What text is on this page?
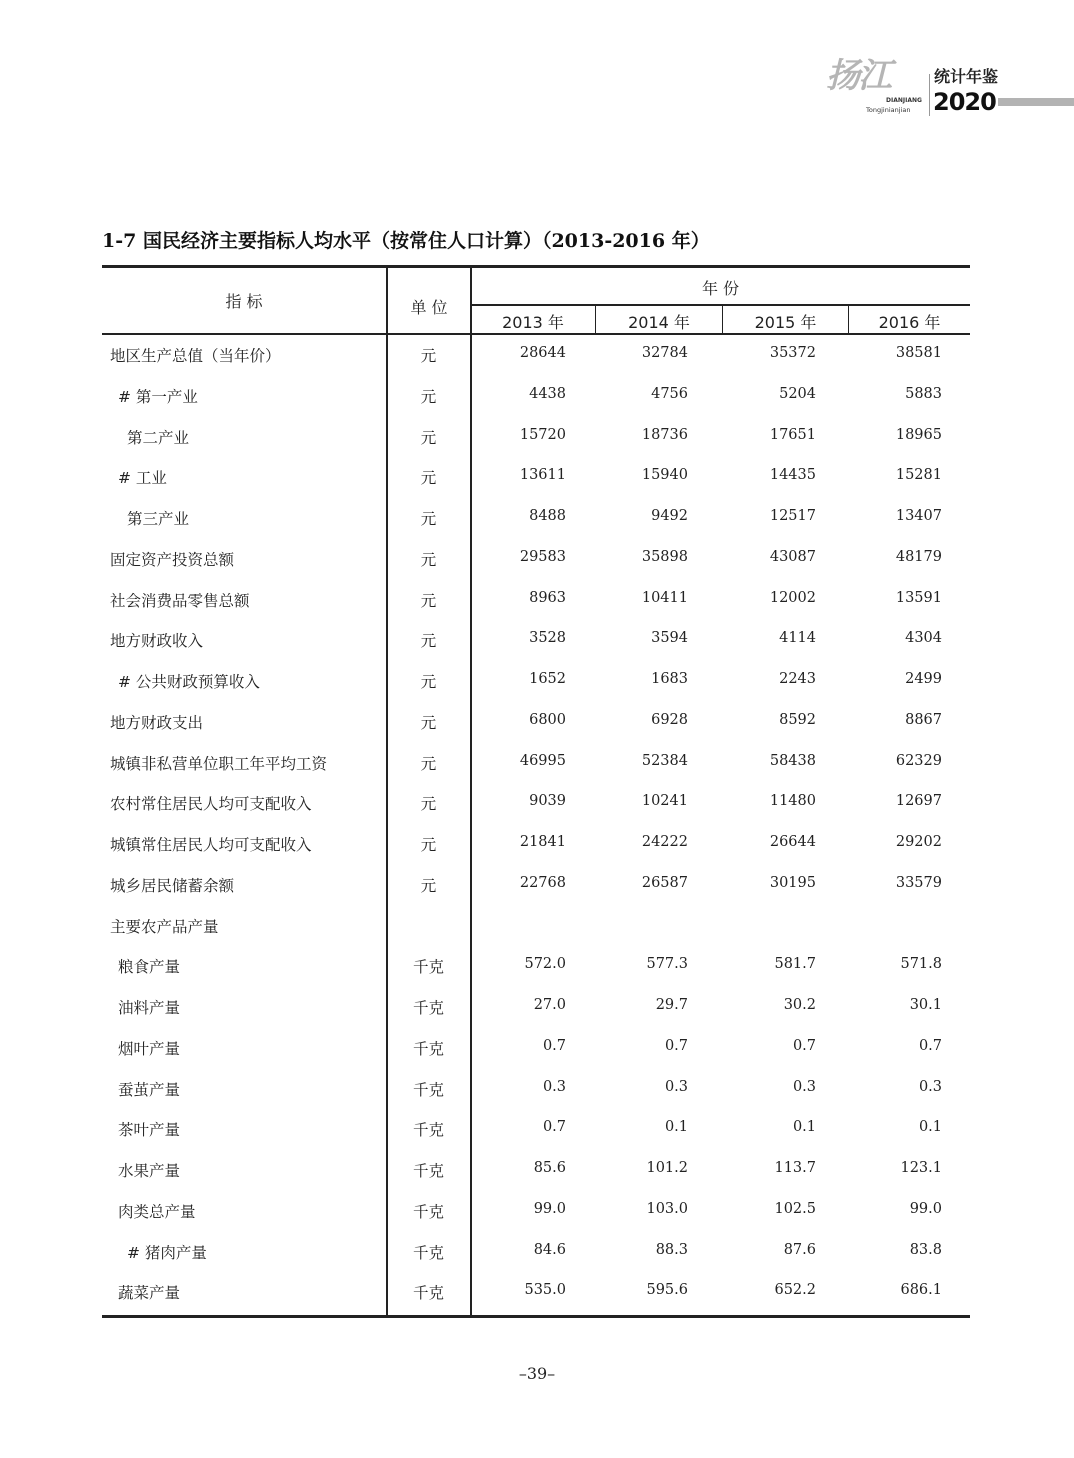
扬江
DIANJIANG
Tongjinianjian
统计年鉴
2020
1-7 国民经济主要指标人均水平（按常住人口计算）（2013-2016 年）
指 标	单 位
年 份
2013 年	2014 年	2015 年	2016 年
地区生产总值（当年价）	元	28644	32784	35372	38581
# 第一产业	元	4438	4756	5204	5883
第二产业	元	15720	18736	17651	18965
# 工业	元	13611	15940	14435	15281
第三产业	元	8488	9492	12517	13407
固定资产投资总额	元	29583	35898	43087	48179
社会消费品零售总额	元	8963	10411	12002	13591
地方财政收入	元	3528	3594	4114	4304
# 公共财政预算收入	元	1652	1683	2243	2499
地方财政支出	元	6800	6928	8592	8867
城镇非私营单位职工年平均工资	元	46995	52384	58438	62329
农村常住居民人均可支配收入	元	9039	10241	11480	12697
城镇常住居民人均可支配收入	元	21841	24222	26644	29202
城乡居民储蓄余额	元	22768	26587	30195	33579
主要农产品产量
粮食产量	千克	572.0	577.3	581.7	571.8
油料产量	千克	27.0	29.7	30.2	30.1
烟叶产量	千克	0.7	0.7	0.7	0.7
蚕茧产量	千克	0.3	0.3	0.3	0.3
茶叶产量	千克	0.7	0.1	0.1	0.1
水果产量	千克	85.6	101.2	113.7	123.1
肉类总产量	千克	99.0	103.0	102.5	99.0
# 猪肉产量	千克	84.6	88.3	87.6	83.8
蔬菜产量	千克	535.0	595.6	652.2	686.1
–39–
